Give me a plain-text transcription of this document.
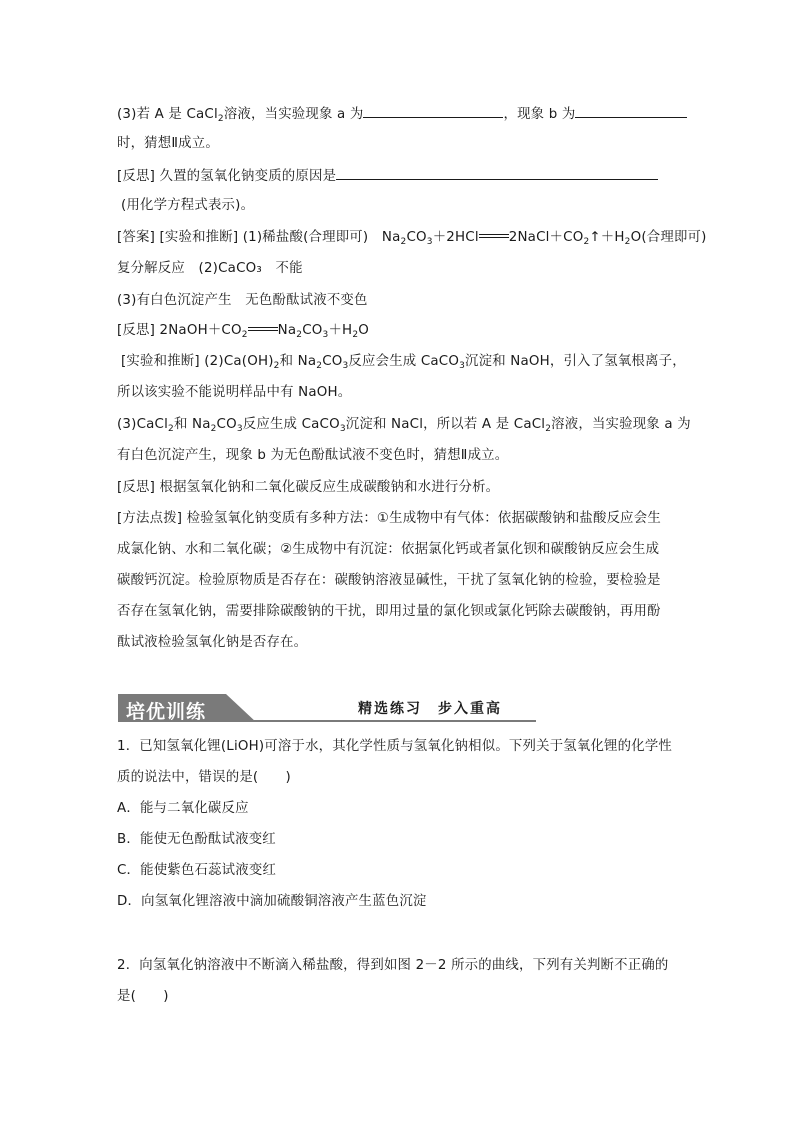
(3)若 A 是 CaCl$_2$溶液，当实验现象 a 为	，现象 b 为
时，猜想Ⅱ成立。
[反思] 久置的氢氧化钠变质的原因是
(用化学方程式表示)。
[答案] [实验和推断] (1)稀盐酸(合理即可)　$Na_2CO_3+2HCl$ $2NaCl+CO_2↑+H_2O$(合理即可)
复分解反应　(2)CaCO₃　不能
(3)有白色沉淀产生　无色酚酞试液不变色
[反思] $2NaOH+CO_2$ $Na_2CO_3+H_2O$
[实验和推断] $(2)Ca(OH)_2$和 $Na_2CO_3$反应会生成 CaCO$_3$沉淀和 NaOH，引入了氢氧根离子，
所以该实验不能说明样品中有 NaOH。
(3)CaCl$_2$和 $Na_2CO_3$反应生成 CaCO$_3$沉淀和 NaCl，所以若 A 是 CaCl$_2$溶液，当实验现象 a 为
有白色沉淀产生，现象 b 为无色酚酞试液不变色时，猜想Ⅱ成立。
[反思] 根据氢氧化钠和二氧化碳反应生成碳酸钠和水进行分析。
[方法点拨] 检验氢氧化钠变质有多种方法：①生成物中有气体：依据碳酸钠和盐酸反应会生
成氯化钠、水和二氧化碳；②生成物中有沉淀：依据氯化钙或者氯化钡和碳酸钠反应会生成
碳酸钙沉淀。检验原物质是否存在：碳酸钠溶液显碱性，干扰了氢氧化钠的检验，要检验是
否存在氢氧化钠，需要排除碳酸钠的干扰，即用过量的氯化钡或氯化钙除去碳酸钠，再用酚
酞试液检验氢氧化钠是否存在。
培优训练	精选练习　步入重高
1．已知氢氧化锂(LiOH)可溶于水，其化学性质与氢氧化钠相似。下列关于氢氧化锂的化学性
质的说法中，错误的是(　　)
A．能与二氧化碳反应
B．能使无色酚酞试液变红
C．能使紫色石蕊试液变红
D．向氢氧化锂溶液中滴加硫酸铜溶液产生蓝色沉淀
2．向氢氧化钠溶液中不断滴入稀盐酸，得到如图 2－2 所示的曲线，下列有关判断不正确的
是(　　)
